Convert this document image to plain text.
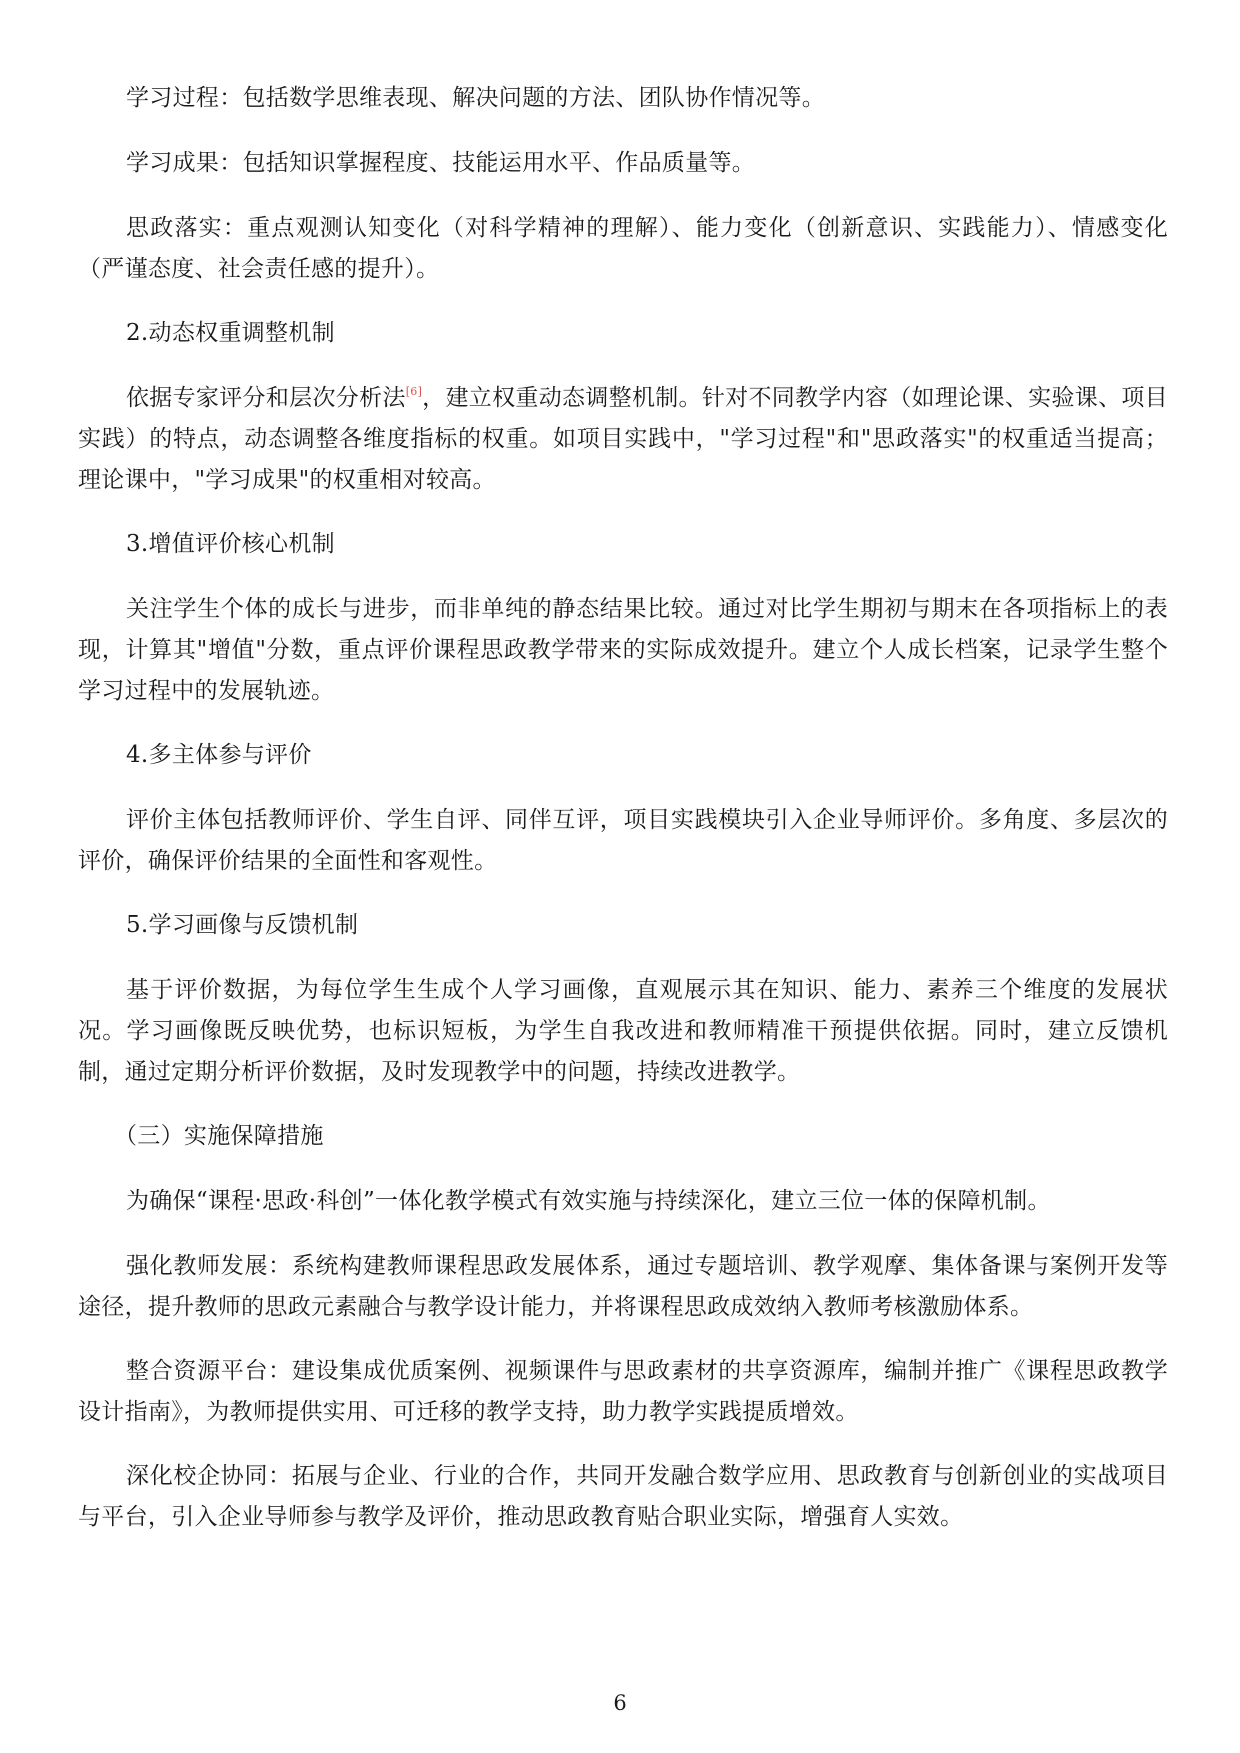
学习过程：包括数学思维表现、解决问题的方法、团队协作情况等。

学习成果：包括知识掌握程度、技能运用水平、作品质量等。

思政落实：重点观测认知变化（对科学精神的理解）、能力变化（创新意识、实践能力）、情感变化（严谨态度、社会责任感的提升）。

2.动态权重调整机制

依据专家评分和层次分析法[6]，建立权重动态调整机制。针对不同教学内容（如理论课、实验课、项目实践）的特点，动态调整各维度指标的权重。如项目实践中，"学习过程"和"思政落实"的权重适当提高；理论课中，"学习成果"的权重相对较高。

3.增值评价核心机制

关注学生个体的成长与进步，而非单纯的静态结果比较。通过对比学生期初与期末在各项指标上的表现，计算其"增值"分数，重点评价课程思政教学带来的实际成效提升。建立个人成长档案，记录学生整个学习过程中的发展轨迹。

4.多主体参与评价

评价主体包括教师评价、学生自评、同伴互评，项目实践模块引入企业导师评价。多角度、多层次的评价，确保评价结果的全面性和客观性。

5.学习画像与反馈机制

基于评价数据，为每位学生生成个人学习画像，直观展示其在知识、能力、素养三个维度的发展状况。学习画像既反映优势，也标识短板，为学生自我改进和教师精准干预提供依据。同时，建立反馈机制，通过定期分析评价数据，及时发现教学中的问题，持续改进教学。

（三）实施保障措施

为确保“课程·思政·科创”一体化教学模式有效实施与持续深化，建立三位一体的保障机制。

强化教师发展：系统构建教师课程思政发展体系，通过专题培训、教学观摩、集体备课与案例开发等途径，提升教师的思政元素融合与教学设计能力，并将课程思政成效纳入教师考核激励体系。

整合资源平台：建设集成优质案例、视频课件与思政素材的共享资源库，编制并推广《课程思政教学设计指南》，为教师提供实用、可迁移的教学支持，助力教学实践提质增效。

深化校企协同：拓展与企业、行业的合作，共同开发融合数学应用、思政教育与创新创业的实战项目与平台，引入企业导师参与教学及评价，推动思政教育贴合职业实际，增强育人实效。

6
